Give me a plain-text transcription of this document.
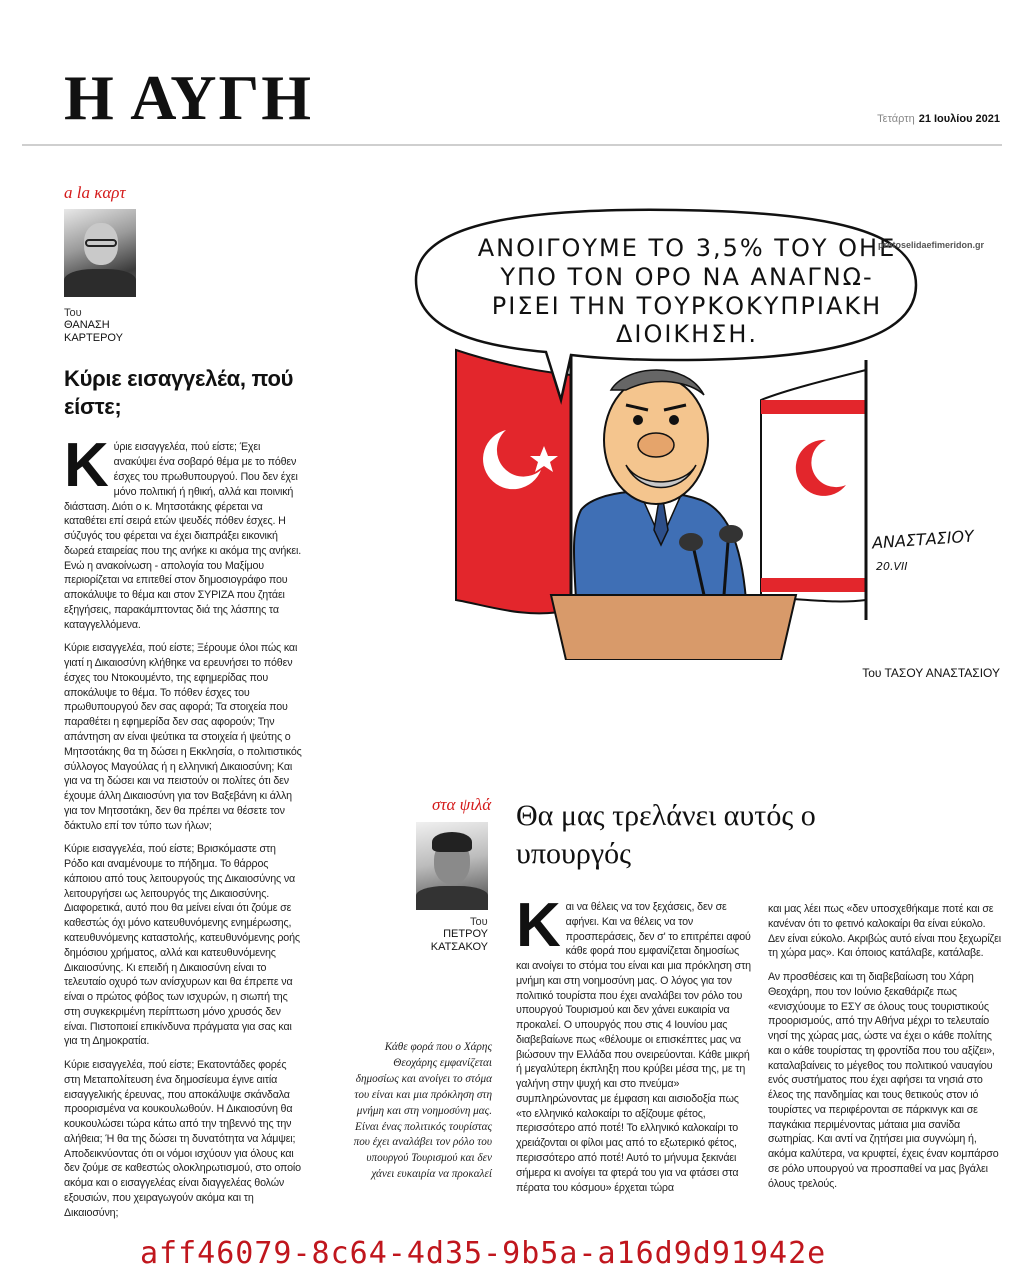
Η ΑΥΓΗ	Τετάρτη 21 Ιουλίου 2021
a la καρτ
Του
ΘΑΝΑΣΗ ΚΑΡΤΕΡΟΥ
Κύριε εισαγγελέα, πού είστε;

Κύριε εισαγγελέα, πού είστε; Έχει ανακύψει ένα σοβαρό θέμα με το πόθεν έσχες του πρωθυπουργού. Που δεν έχει μόνο πολιτική ή ηθική, αλλά και ποινική διάσταση. Διότι ο κ. Μητσοτάκης φέρεται να καταθέτει επί σειρά ετών ψευδές πόθεν έσχες. Η σύζυγός του φέρεται να έχει διαπράξει εικονική δωρεά εταιρείας που της ανήκε κι ακόμα της ανήκει. Ενώ η ανακοίνωση - απολογία του Μαξίμου περιορίζεται να επιτεθεί στον δημοσιογράφο που αποκάλυψε το θέμα και στον ΣΥΡΙΖΑ που ζητάει εξηγήσεις, παρακάμπτοντας διά της λάσπης τα καταγγελλόμενα.

Κύριε εισαγγελέα, πού είστε; Ξέρουμε όλοι πώς και γιατί η Δικαιοσύνη κλήθηκε να ερευνήσει το πόθεν έσχες του Ντοκουμέντο, της εφημερίδας που αποκάλυψε το θέμα. Το πόθεν έσχες του πρωθυπουργού δεν σας αφορά; Τα στοιχεία που παραθέτει η εφημερίδα δεν σας αφορούν; Την απάντηση αν είναι ψεύτικα τα στοιχεία ή ψεύτης ο Μητσοτάκης θα τη δώσει η Εκκλησία, ο πολιτιστικός σύλλογος Μαγούλας ή η ελληνική Δικαιοσύνη; Και για να τη δώσει και να πειστούν οι πολίτες ότι δεν έχουμε άλλη Δικαιοσύνη για τον Βαξεβάνη κι άλλη για τον Μητσοτάκη, δεν θα πρέπει να θέσετε τον δάκτυλο επί τον τύπο των ήλων;

Κύριε εισαγγελέα, πού είστε; Βρισκόμαστε στη Ρόδο και αναμένουμε το πήδημα. Το θάρρος κάποιου από τους λειτουργούς της Δικαιοσύνης να λειτουργήσει ως λειτουργός της Δικαιοσύνης. Διαφορετικά, αυτό που θα μείνει είναι ότι ζούμε σε καθεστώς όχι μόνο κατευθυνόμενης ενημέρωσης, κατευθυνόμενης καταστολής, κατευθυνόμενης ροής δημόσιου χρήματος, αλλά και κατευθυνόμενης Δικαιοσύνης. Κι επειδή η Δικαιοσύνη είναι το τελευταίο οχυρό των ανίσχυρων και θα έπρεπε να είναι ο πρώτος φόβος των ισχυρών, η σιωπή της στη συγκεκριμένη περίπτωση μόνο χρυσός δεν είναι. Πιστοποιεί επικίνδυνα πράγματα για σας και για τη Δημοκρατία.

Κύριε εισαγγελέα, πού είστε; Εκατοντάδες φορές στη Μεταπολίτευση ένα δημοσίευμα έγινε αιτία εισαγγελικής έρευνας, που αποκάλυψε σκάνδαλα προορισμένα να κουκουλωθούν. Η Δικαιοσύνη θα κουκουλώσει τώρα κάτω από την τηβεννό της την αλήθεια; Ή θα της δώσει τη δυνατότητα να λάμψει; Αποδεικνύοντας ότι οι νόμοι ισχύουν για όλους και δεν ζούμε σε καθεστώς ολοκληρωτισμού, στο οποίο ακόμα και ο εισαγγελέας είναι διαγγελέας θολών εξουσιών, που χειραγωγούν ακόμα και τη Δικαιοσύνη;

ΑΝΟΙΓΟΥΜΕ ΤΟ 3,5% ΤΟΥ ΟΗΕ
ΥΠΟ ΤΟΝ ΟΡΟ ΝΑ ΑΝΑΓΝΩ-
ΡΙΣΕΙ ΤΗΝ ΤΟΥΡΚΟΚΥΠΡΙΑΚΗ
ΔΙΟΙΚΗΣΗ.
ΑΝΑΣΤΑΣΙΟΥ
20.VII
protoselidaefimeridon.gr
Του ΤΑΣΟΥ ΑΝΑΣΤΑΣΙΟΥ
στα ψιλά
Του
ΠΕΤΡΟΥ ΚΑΤΣΑΚΟΥ
Θα μας τρελάνει αυτός ο υπουργός
Κάθε φορά που ο Χάρης Θεοχάρης εμφανίζεται δημοσίως και ανοίγει το στόμα του είναι και μια πρόκληση στη μνήμη και στη νοημοσύνη μας. Είναι ένας πολιτικός τουρίστας που έχει αναλάβει τον ρόλο του υπουργού Τουρισμού και δεν χάνει ευκαιρία να προκαλεί
Και να θέλεις να τον ξεχάσεις, δεν σε αφήνει. Και να θέλεις να τον προσπεράσεις, δεν σ' το επιτρέπει αφού κάθε φορά που εμφανίζεται δημοσίως και ανοίγει το στόμα του είναι και μια πρόκληση στη μνήμη και στη νοημοσύνη μας. Ο λόγος για τον πολιτικό τουρίστα που έχει αναλάβει τον ρόλο του υπουργού Τουρισμού και δεν χάνει ευκαιρία να προκαλεί. Ο υπουργός που στις 4 Ιουνίου μας διαβεβαίωνε πως «θέλουμε οι επισκέπτες μας να βιώσουν την Ελλάδα που ονειρεύονται. Κάθε μικρή ή μεγαλύτερη έκπληξη που κρύβει μέσα της, με τη γαλήνη στην ψυχή και στο πνεύμα» συμπληρώνοντας με έμφαση και αισιοδοξία πως «το ελληνικό καλοκαίρι το αξίζουμε φέτος, περισσότερο από ποτέ! Το ελληνικό καλοκαίρι το χρειάζονται οι φίλοι μας από το εξωτερικό φέτος, περισσότερο από ποτέ! Αυτό το μήνυμα ξεκινάει σήμερα κι ανοίγει τα φτερά του για να φτάσει στα πέρατα του κόσμου» έρχεται τώρα

και μας λέει πως «δεν υποσχεθήκαμε ποτέ και σε κανέναν ότι το φετινό καλοκαίρι θα είναι εύκολο. Δεν είναι εύκολο. Ακριβώς αυτό είναι που ξεχωρίζει τη χώρα μας». Και όποιος κατάλαβε, κατάλαβε.

Αν προσθέσεις και τη διαβεβαίωση του Χάρη Θεοχάρη, που τον Ιούνιο ξεκαθάριζε πως «ενισχύουμε το ΕΣΥ σε όλους τους τουριστικούς προορισμούς, από την Αθήνα μέχρι το τελευταίο νησί της χώρας μας, ώστε να έχει ο κάθε πολίτης και ο κάθε τουρίστας τη φροντίδα που του αξίζει», καταλαβαίνεις το μέγεθος του πολιτικού ναυαγίου ενός συστήματος που έχει αφήσει τα νησιά στο έλεος της πανδημίας και τους θετικούς στον ιό τουρίστες να περιφέρονται σε πάρκινγκ και σε παγκάκια περιμένοντας μάταια μια σανίδα σωτηρίας. Και αντί να ζητήσει μια συγνώμη ή, ακόμα καλύτερα, να κρυφτεί, έχεις έναν κομπάρσο σε ρόλο υπουργού να προσπαθεί να μας βγάλει όλους τρελούς.

aff46079-8c64-4d35-9b5a-a16d9d91942e
